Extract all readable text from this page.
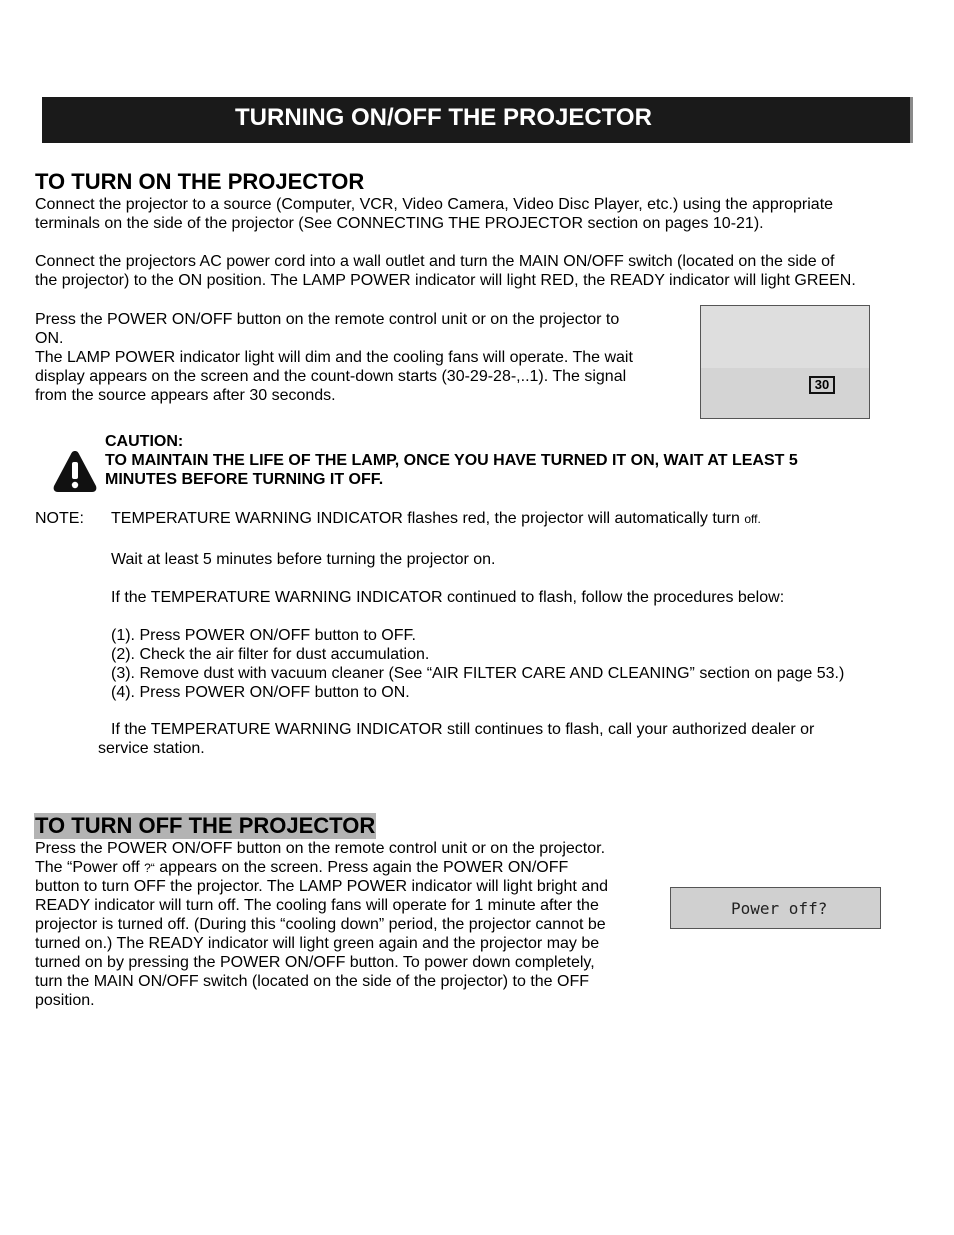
TURNING ON/OFF THE PROJECTOR
TO TURN ON THE PROJECTOR
Connect the projector to a source (Computer, VCR, Video Camera, Video Disc Player, etc.) using the appropriate
terminals on the side of the projector (See CONNECTING THE PROJECTOR section on pages 10-21).
Connect the projectors AC power cord into a wall outlet and turn the MAIN ON/OFF switch (located on the side of
the projector) to the ON position. The LAMP POWER indicator will light RED, the READY indicator will light GREEN.
Press the POWER ON/OFF button on the remote control unit or on the projector to
ON.
The LAMP POWER indicator light will dim and the cooling fans will operate. The wait
display appears on the screen and the count-down starts (30-29-28-,..1). The signal
from the source appears after 30 seconds.
30
CAUTION:
TO MAINTAIN THE LIFE OF THE LAMP, ONCE YOU HAVE TURNED IT ON, WAIT AT LEAST 5
MINUTES BEFORE TURNING IT OFF.
NOTE: TEMPERATURE WARNING INDICATOR flashes red, the projector will automatically turn off.
Wait at least 5 minutes before turning the projector on.
If the TEMPERATURE WARNING INDICATOR continued to flash, follow the procedures below:
(1). Press POWER ON/OFF button to OFF.
(2). Check the air filter for dust accumulation.
(3). Remove dust with vacuum cleaner (See “AIR FILTER CARE AND CLEANING” section on page 53.)
(4). Press POWER ON/OFF button to ON.
If the TEMPERATURE WARNING INDICATOR still continues to flash, call your authorized dealer or
service station.
TO TURN OFF THE PROJECTOR
Press the POWER ON/OFF button on the remote control unit or on the projector.
The “Power off ?“ appears on the screen. Press again the POWER ON/OFF
button to turn OFF the projector. The LAMP POWER indicator will light bright and
READY indicator will turn off. The cooling fans will operate for 1 minute after the
projector is turned off. (During this “cooling down” period, the projector cannot be
turned on.) The READY indicator will light green again and the projector may be
turned on by pressing the POWER ON/OFF button. To power down completely,
turn the MAIN ON/OFF switch (located on the side of the projector) to the OFF
position.
Power off?
